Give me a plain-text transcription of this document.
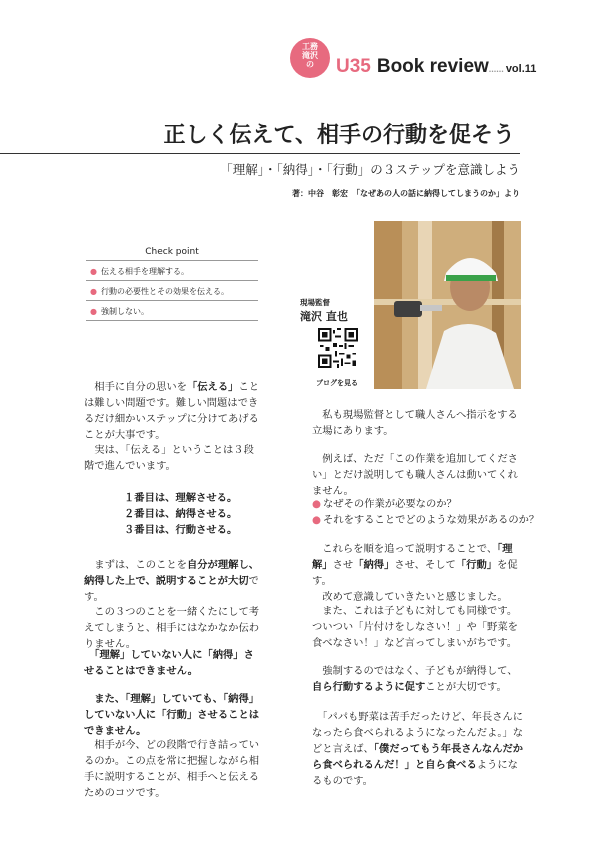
工務
滝沢
の	U35 Book review...... vol.11
正しく伝えて、相手の行動を促そう
「理解」・「納得」・「行動」の３ステップを意識しよう
著：中谷　彰宏　「なぜあの人の話に納得してしまうのか」より
Check point
● 伝える相手を理解する。
● 行動の必要性とその効果を伝える。
● 強制しない。
現場監督
滝沢 直也
ブログを見る
　相手に自分の思いを「伝える」ことは難しい問題です。難しい問題はできるだけ細かいステップに分けてあげることが大事です。
　実は、「伝える」ということは３段階で進んでいます。
１番目は、理解させる。
２番目は、納得させる。
３番目は、行動させる。
　まずは、このことを自分が理解し、納得した上で、説明することが大切です。
　この３つのことを一緒くたにして考えてしまうと、相手にはなかなか伝わりません。
　「理解」していない人に「納得」させることはできません。
　また、「理解」していても、「納得」していない人に「行動」させることはできません。
　相手が今、どの段階で行き詰っているのか。この点を常に把握しながら相手に説明することが、相手へと伝えるためのコツです。
　私も現場監督として職人さんへ指示をする立場にあります。
　例えば、ただ「この作業を追加してください」とだけ説明しても職人さんは動いてくれません。
● なぜその作業が必要なのか？
● それをすることでどのような効果があるのか？
　これらを順を追って説明することで、「理解」させ「納得」させ、そして「行動」を促す。
　改めて意識していきたいと感じました。
　また、これは子どもに対しても同様です。ついつい「片付けをしなさい！」や「野菜を食べなさい！」など言ってしまいがちです。
　強制するのではなく、子どもが納得して、自ら行動するように促すことが大切です。
　「パパも野菜は苦手だったけど、年長さんになったら食べられるようになったんだよ。」などと言えば、「僕だってもう年長さんなんだから食べられるんだ！」と自ら食べるようになるものです。
